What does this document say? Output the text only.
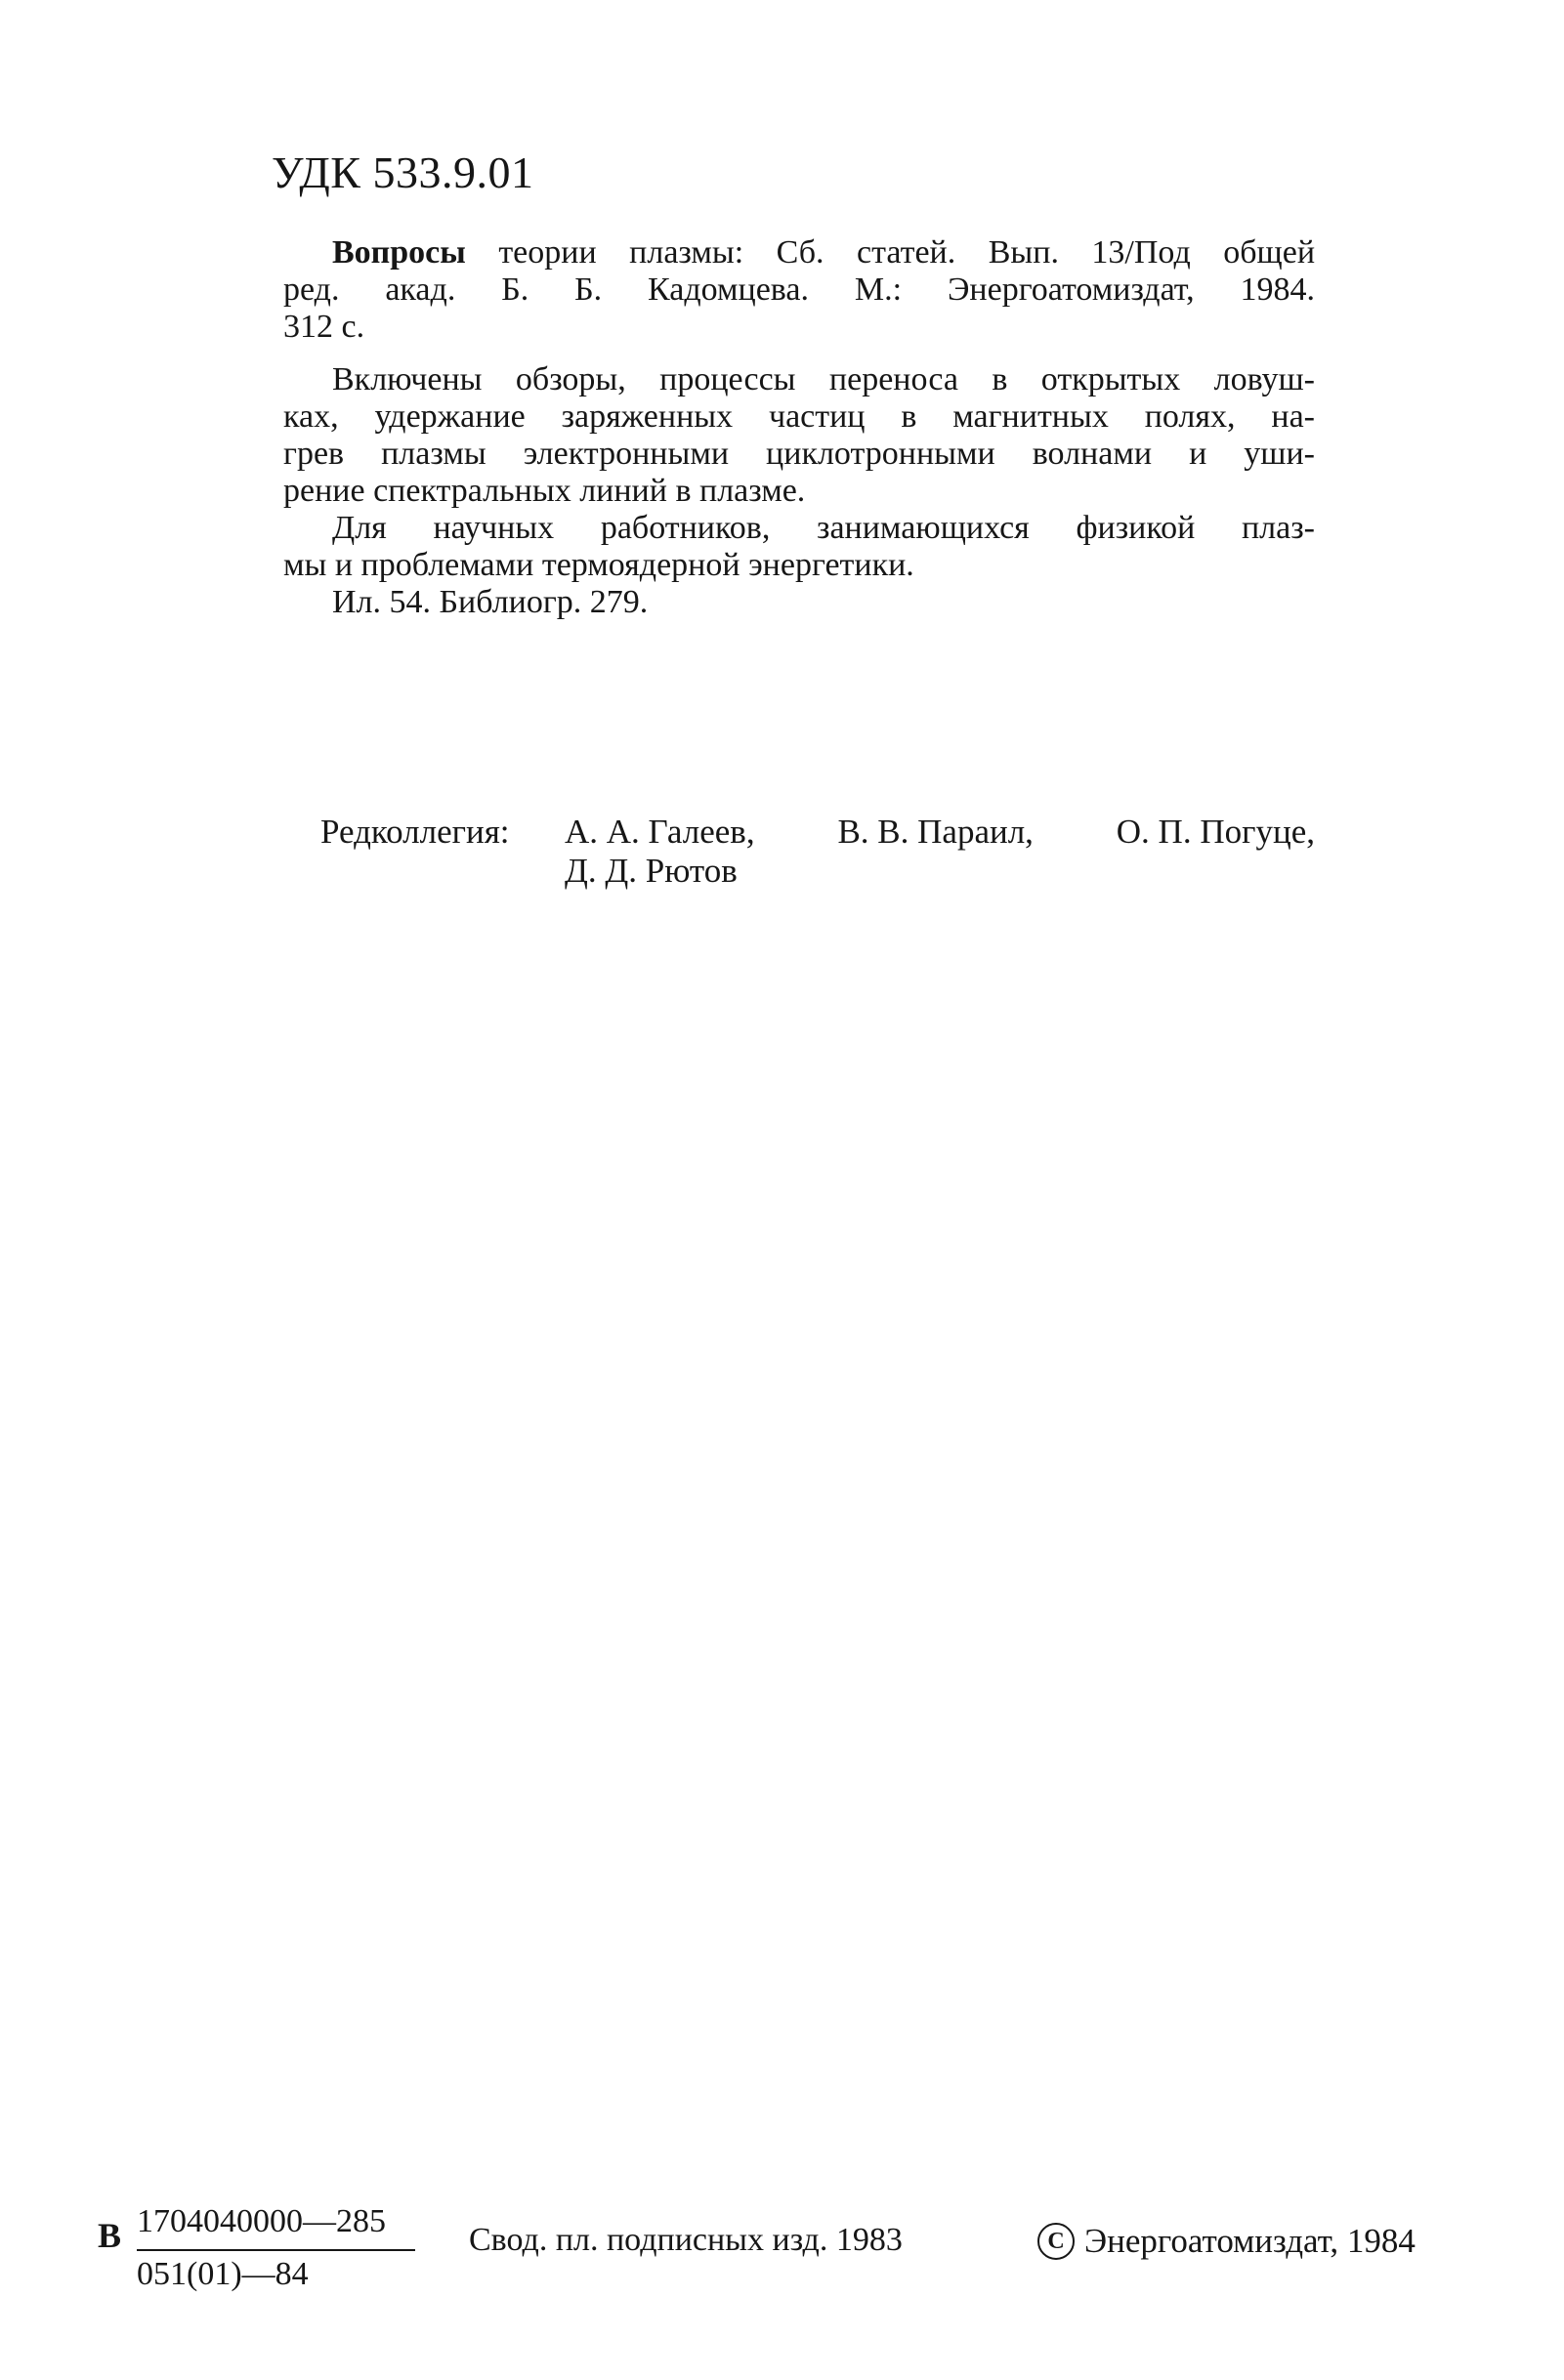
УДК 533.9.01
Вопросы теории плазмы: Сб. статей. Вып. 13/Под общей
ред. акад. Б. Б. Кадомцева. М.: Энергоатомиздат, 1984.
312 с.
Включены обзоры, процессы переноса в открытых ловуш-
ках, удержание заряженных частиц в магнитных полях, на-
грев плазмы электронными циклотронными волнами и уши-
рение спектральных линий в плазме.
Для научных работников, занимающихся физикой плаз-
мы и проблемами термоядерной энергетики.
Ил. 54. Библиогр. 279.
Редколлегия: А. А. Галеев, В. В. Параил, О. П. Погуце,
Д. Д. Рютов
В 1704040000—285
051(01)—84
Свод. пл. подписных изд. 1983	C Энергоатомиздат, 1984
